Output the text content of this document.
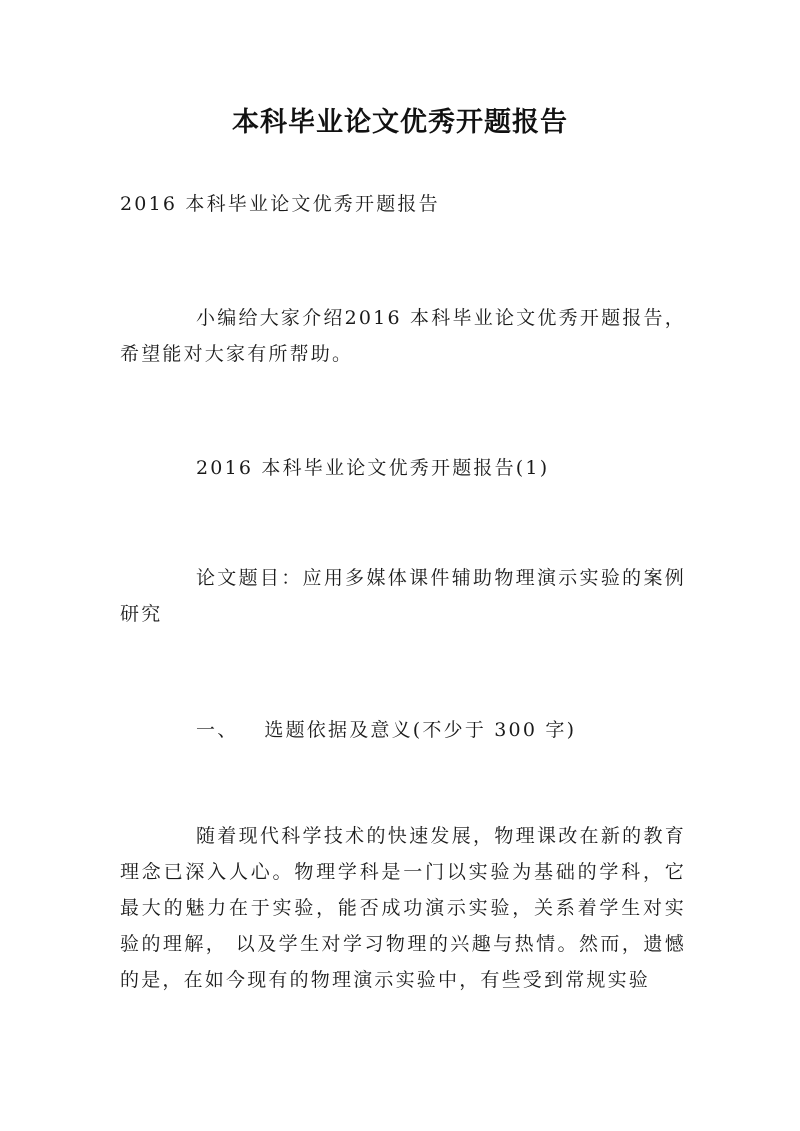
本科毕业论文优秀开题报告

2016 本科毕业论文优秀开题报告

小编给大家介绍2016 本科毕业论文优秀开题报告，希望能对大家有所帮助。

2016 本科毕业论文优秀开题报告(1)

论文题目：应用多媒体课件辅助物理演示实验的案例研究

一、 选题依据及意义(不少于 300 字)

随着现代科学技术的快速发展，物理课改在新的教育理念已深入人心。物理学科是一门以实验为基础的学科，它最大的魅力在于实验，能否成功演示实验，关系着学生对实验的理解， 以及学生对学习物理的兴趣与热情。然而，遗憾的是，在如今现有的物理演示实验中，有些受到常规实验
